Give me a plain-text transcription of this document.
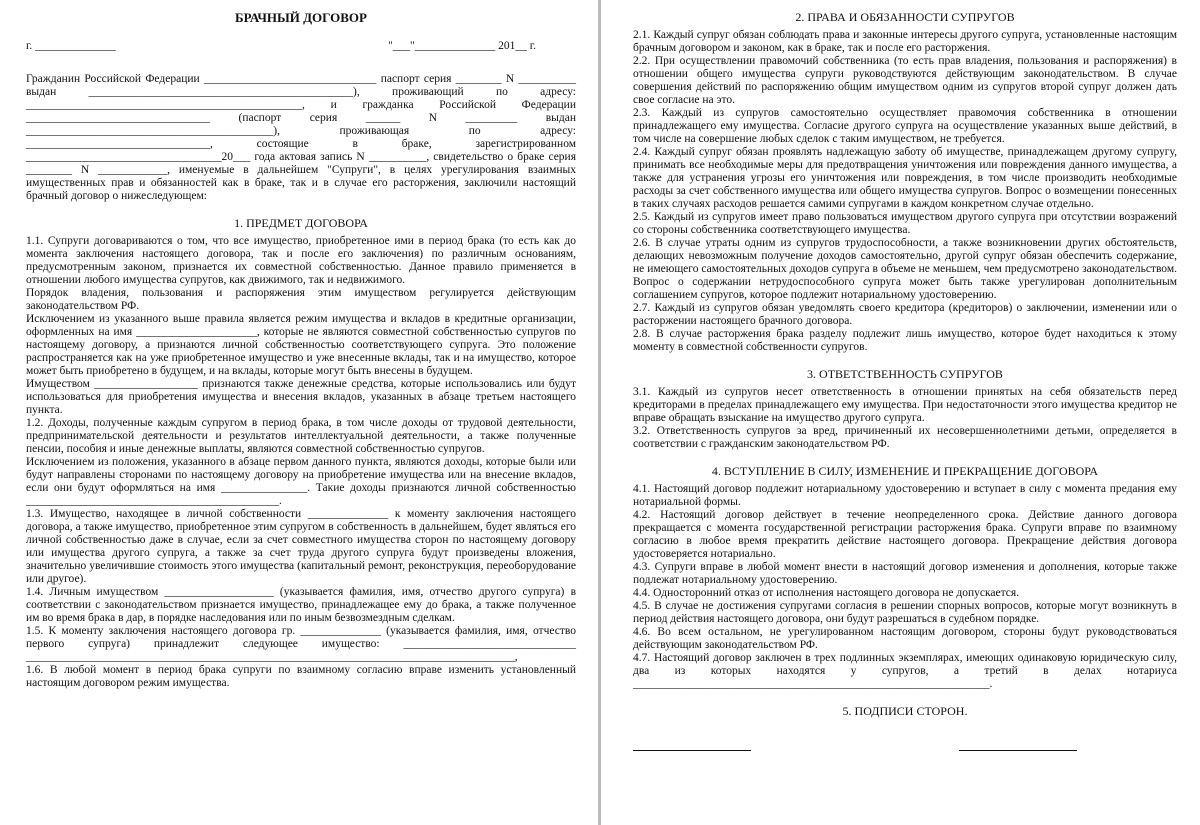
БРАЧНЫЙ ДОГОВОР
г. ______________	"___"______________ 201__ г.

Гражданин Российской Федерации ______________________________ паспорт серия ________ N __________ выдан ______________________________________________), проживающий по адресу: ________________________________________________, и гражданка Российской Федерации ________________________________ (паспорт серия ______ N _________ выдан ___________________________________________), проживающая по адресу: ________________________________, состоящие в браке, зарегистрированном __________________________________20___ года актовая запись N __________, свидетельство о браке серия ________ N ____________, именуемые в дальнейшем "Супруги", в целях урегулирования взаимных имущественных прав и обязанностей как в браке, так и в случае его расторжения, заключили настоящий брачный договор о нижеследующем:

1. ПРЕДМЕТ ДОГОВОРА

1.1. Супруги договариваются о том, что все имущество, приобретенное ими в период брака (то есть как до момента заключения настоящего договора, так и после его заключения) по различным основаниям, предусмотренным законом, признается их совместной собственностью. Данное правило применяется в отношении любого имущества супругов, как движимого, так и недвижимого.

Порядок владения, пользования и распоряжения этим имуществом регулируется действующим законодательством РФ.

Исключением из указанного выше правила является режим имущества и вкладов в кредитные организации, оформленных на имя _____________________, которые не являются совместной собственностью супругов по настоящему договору, а признаются личной собственностью соответствующего супруга. Это положение распространяется как на уже приобретенное имущество и уже внесенные вклады, так и на имущество, которое может быть приобретено в будущем, и на вклады, которые могут быть внесены в будущем.

Имуществом __________________ признаются также денежные средства, которые использовались или будут использоваться для приобретения имущества и внесения вкладов, указанных в абзаце третьем настоящего пункта.

1.2. Доходы, полученные каждым супругом в период брака, в том числе доходы от трудовой деятельности, предпринимательской деятельности и результатов интеллектуальной деятельности, а также полученные пенсии, пособия и иные денежные выплаты, являются совместной собственностью супругов.

Исключением из положения, указанного в абзаце первом данного пункта, являются доходы, которые были или будут направлены сторонами по настоящему договору на приобретение имущества или на внесение вкладов, если они будут оформляться на имя _______________. Такие доходы признаются личной собственностью ____________________________________________.

1.3. Имущество, находящее в личной собственности ______________ к моменту заключения настоящего договора, а также имущество, приобретенное этим супругом в собственность в дальнейшем, будет являться его личной собственностью даже в случае, если за счет совместного имущества сторон по настоящему договору или имущества другого супруга, а также за счет труда другого супруга будут произведены вложения, значительно увеличившие стоимость этого имущества (капитальный ремонт, реконструкция, переоборудование или другое).

1.4. Личным имуществом ___________________ (указывается фамилия, имя, отчество другого супруга) в соответствии с законодательством признается имущество, принадлежащее ему до брака, а также полученное им во время брака в дар, в порядке наследования или по иным безвозмездным сделкам.

1.5. К моменту заключения настоящего договора гр. ______________ (указывается фамилия, имя, отчество первого супруга) принадлежит следующее имущество: ______________________________ _____________________________________________________________________________________,

1.6. В любой момент в период брака супруги по взаимному согласию вправе изменить установленный настоящим договором режим имущества.

2. ПРАВА И ОБЯЗАННОСТИ СУПРУГОВ

2.1. Каждый супруг обязан соблюдать права и законные интересы другого супруга, установленные настоящим брачным договором и законом, как в браке, так и после его расторжения.

2.2. При осуществлении правомочий собственника (то есть прав владения, пользования и распоряжения) в отношении общего имущества супруги руководствуются действующим законодательством. В случае совершения действий по распоряжению общим имуществом одним из супругов второй супруг должен дать свое согласие на это.

2.3. Каждый из супругов самостоятельно осуществляет правомочия собственника в отношении принадлежащего ему имущества. Согласие другого супруга на осуществление указанных выше действий, в том числе на совершение любых сделок с таким имуществом, не требуется.

2.4. Каждый супруг обязан проявлять надлежащую заботу об имуществе, принадлежащем другому супругу, принимать все необходимые меры для предотвращения уничтожения или повреждения данного имущества, а также для устранения угрозы его уничтожения или повреждения, в том числе производить необходимые расходы за счет собственного имущества или общего имущества супругов. Вопрос о возмещении понесенных в таких случаях расходов решается самими супругами в каждом конкретном случае отдельно.

2.5. Каждый из супругов имеет право пользоваться имуществом другого супруга при отсутствии возражений со стороны собственника соответствующего имущества.

2.6. В случае утраты одним из супругов трудоспособности, а также возникновении других обстоятельств, делающих невозможным получение доходов самостоятельно, другой супруг обязан обеспечить содержание, не имеющего самостоятельных доходов супруга в объеме не меньшем, чем предусмотрено законодательством. Вопрос о содержании нетрудоспособного супруга может быть также урегулирован дополнительным соглашением супругов, которое подлежит нотариальному удостоверению.

2.7. Каждый из супругов обязан уведомлять своего кредитора (кредиторов) о заключении, изменении или о расторжении настоящего брачного договора.

2.8. В случае расторжения брака разделу подлежит лишь имущество, которое будет находиться к этому моменту в совместной собственности супругов.

3. ОТВЕТСТВЕННОСТЬ СУПРУГОВ

3.1. Каждый из супругов несет ответственность в отношении принятых на себя обязательств перед кредиторами в пределах принадлежащего ему имущества. При недостаточности этого имущества кредитор не вправе обращать взыскание на имущество другого супруга.

3.2. Ответственность супругов за вред, причиненный их несовершеннолетними детьми, определяется в соответствии с гражданским законодательством РФ.

4. ВСТУПЛЕНИЕ В СИЛУ, ИЗМЕНЕНИЕ И ПРЕКРАЩЕНИЕ ДОГОВОРА

4.1. Настоящий договор подлежит нотариальному удостоверению и вступает в силу с момента предания ему нотариальной формы.

4.2. Настоящий договор действует в течение неопределенного срока. Действие данного договора прекращается с момента государственной регистрации расторжения брака. Супруги вправе по взаимному согласию в любое время прекратить действие настоящего договора. Прекращение действия договора удостоверяется нотариально.

4.3. Супруги вправе в любой момент внести в настоящий договор изменения и дополнения, которые также подлежат нотариальному удостоверению.

4.4. Односторонний отказ от исполнения настоящего договора не допускается.

4.5. В случае не достижения супругами согласия в решении спорных вопросов, которые могут возникнуть в период действия настоящего договора, они будут разрешаться в судебном порядке.

4.6. Во всем остальном, не урегулированном настоящим договором, стороны будут руководствоваться действующим законодательством РФ.

4.7. Настоящий договор заключен в трех подлинных экземплярах, имеющих одинаковую юридическую силу, два из которых находятся у супругов, а третий в делах нотариуса ______________________________________________________________.

5. ПОДПИСИ СТОРОН.
